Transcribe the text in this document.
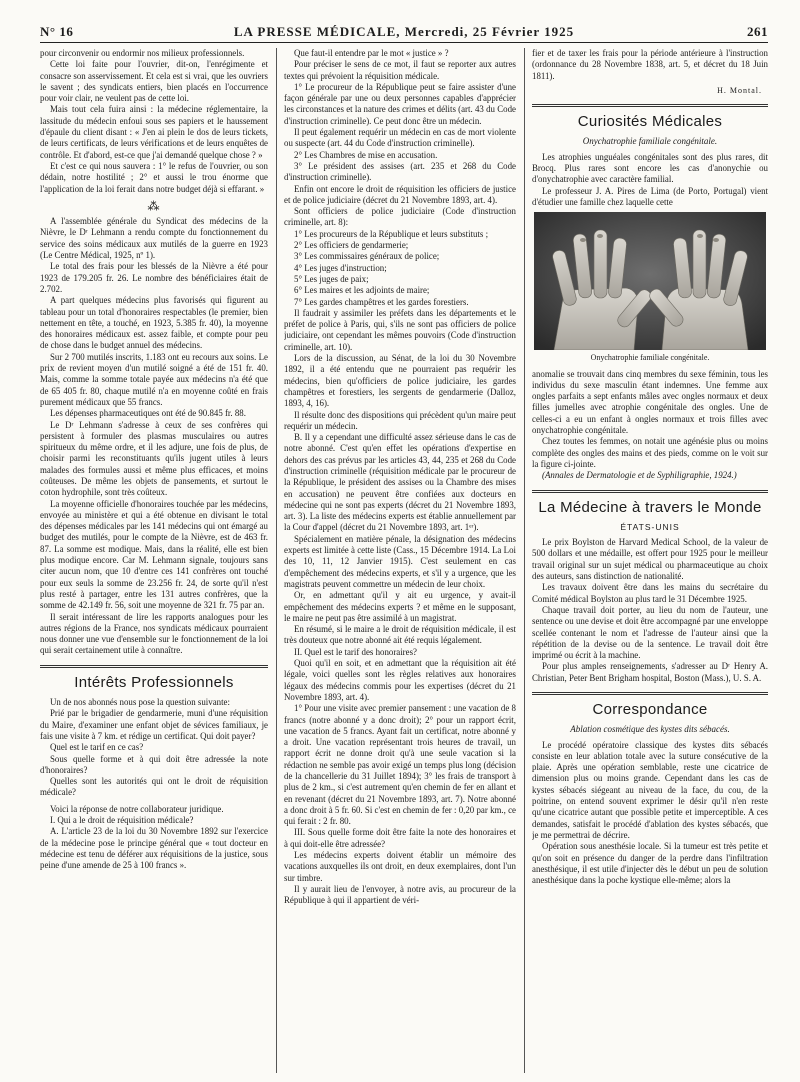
N° 16	LA PRESSE MÉDICALE, Mercredi, 25 Février 1925	261

pour circonvenir ou endormir nos milieux professionnels.

Cette loi faite pour l'ouvrier, dit-on, l'enrégimente et consacre son asservissement. Et cela est si vrai, que les ouvriers le savent ; des syndicats entiers, bien placés en l'occurrence pour voir clair, ne veulent pas de cette loi.

Mais tout cela fuira ainsi : la médecine réglementaire, la lassitude du médecin enfoui sous ses papiers et le haussement d'épaule du client disant : « J'en ai plein le dos de leurs tickets, de leurs certificats, de leurs vérifications et de leurs enquêtes de contrôle. Et d'abord, est-ce que j'ai demandé quelque chose ? »

Et c'est ce qui nous sauvera : 1° le refus de l'ouvrier, ou son dédain, notre hostilité ; 2° et aussi le trou énorme que l'application de la loi ferait dans notre budget déjà si effarant. »

⁂

A l'assemblée générale du Syndicat des médecins de la Nièvre, le Dʳ Lehmann a rendu compte du fonctionnement du service des soins médicaux aux mutilés de la guerre en 1923 (Le Centre Médical, 1925, nº 1).

Le total des frais pour les blessés de la Nièvre a été pour 1923 de 179.205 fr. 26. Le nombre des bénéficiaires était de 2.702.

A part quelques médecins plus favorisés qui figurent au tableau pour un total d'honoraires respectables (le premier, bien nettement en tête, a touché, en 1923, 5.385 fr. 40), la moyenne des honoraires médicaux est. assez faible, et compte pour peu de chose dans le budget annuel des médecins.

Sur 2 700 mutilés inscrits, 1.183 ont eu recours aux soins. Le prix de revient moyen d'un mutilé soigné a été de 151 fr. 40. Mais, comme la somme totale payée aux médecins n'a été que de 65 405 fr. 80, chaque mutilé n'a en moyenne coûté en frais purement médicaux que 55 francs.

Les dépenses pharmaceutiques ont été de 90.845 fr. 88.

Le Dʳ Lehmann s'adresse à ceux de ses confrères qui persistent à formuler des plasmas musculaires ou autres spiritueux du même ordre, et il les adjure, une fois de plus, de choisir parmi les reconstituants qu'ils jugent utiles à leurs malades des formules aussi et même plus efficaces, et moins coûteuses. De même les objets de pansements, et surtout le coton hydrophile, sont très coûteux.

La moyenne officielle d'honoraires touchée par les médecins, envoyée au ministère et qui a été obtenue en divisant le total des dépenses médicales par les 141 médecins qui ont émargé au budget des mutilés, pour le compte de la Nièvre, est de 463 fr. 87. La somme est modique. Mais, dans la réalité, elle est bien plus modique encore. Car M. Lehmann signale, toujours sans citer aucun nom, que 10 d'entre ces 141 confrères ont touché pour eux seuls la somme de 23.256 fr. 24, de sorte qu'il n'est plus resté à partager, entre les 131 autres confrères, que la somme de 42.149 fr. 56, soit une moyenne de 321 fr. 75 par an.

Il serait intéressant de lire les rapports analogues pour les autres régions de la France, nos syndicats médicaux pourraient nous donner une vue d'ensemble sur le fonctionnement de la loi qui serait certainement utile à connaître.

Intérêts Professionnels

Un de nos abonnés nous pose la question suivante:

Prié par le brigadier de gendarmerie, muni d'une réquisition du Maire, d'examiner une enfant objet de sévices familiaux, je fais une visite à 7 km. et rédige un certificat. Qui doit payer?

Quel est le tarif en ce cas?

Sous quelle forme et à qui doit être adressée la note d'honoraires?

Quelles sont les autorités qui ont le droit de réquisition médicale?

Voici la réponse de notre collaborateur juridique.

I. Qui a le droit de réquisition médicale?

A. L'article 23 de la loi du 30 Novembre 1892 sur l'exercice de la médecine pose le principe général que « tout docteur en médecine est tenu de déférer aux réquisitions de la justice, sous peine d'une amende de 25 à 100 francs ».

Que faut-il entendre par le mot « justice » ?

Pour préciser le sens de ce mot, il faut se reporter aux autres textes qui prévoient la réquisition médicale.

1° Le procureur de la République peut se faire assister d'une façon générale par une ou deux personnes capables d'apprécier les circonstances et la nature des crimes et délits (art. 43 du Code d'instruction criminelle). Ce peut donc être un médecin.

Il peut également requérir un médecin en cas de mort violente ou suspecte (art. 44 du Code d'instruction criminelle).

2° Les Chambres de mise en accusation.

3° Le président des assises (art. 235 et 268 du Code d'instruction criminelle).

Enfin ont encore le droit de réquisition les officiers de justice et de police judiciaire (décret du 21 Novembre 1893, art. 4).

Sont officiers de police judiciaire (Code d'instruction criminelle, art. 8):

1° Les procureurs de la République et leurs substituts ;

2° Les officiers de gendarmerie;

3° Les commissaires généraux de police;

4° Les juges d'instruction;

5° Les juges de paix;

6° Les maires et les adjoints de maire;

7° Les gardes champêtres et les gardes forestiers.

Il faudrait y assimiler les préfets dans les départements et le préfet de police à Paris, qui, s'ils ne sont pas officiers de police judiciaire, ont cependant les mêmes pouvoirs (Code d'instruction criminelle, art. 10).

Lors de la discussion, au Sénat, de la loi du 30 Novembre 1892, il a été entendu que ne pourraient pas requérir les médecins, bien qu'officiers de police judiciaire, les gardes champêtres et forestiers, les sergents de gendarmerie (Dalloz, 1893, 4, 16).

Il résulte donc des dispositions qui précèdent qu'un maire peut requérir un médecin.

B. Il y a cependant une difficulté assez sérieuse dans le cas de notre abonné. C'est qu'en effet les opérations d'expertise en dehors des cas prévus par les articles 43, 44, 235 et 268 du Code d'instruction criminelle (réquisition médicale par le procureur de la République, le président des assises ou la Chambre des mises en accusation) ne peuvent être confiées aux docteurs en médecine qui ne sont pas experts (décret du 21 Novembre 1893, art. 3). La liste des médecins experts est établie annuellement par la Cour d'appel (décret du 21 Novembre 1893, art. 1ᵉʳ).

Spécialement en matière pénale, la désignation des médecins experts est limitée à cette liste (Cass., 15 Décembre 1914. La Loi des 10, 11, 12 Janvier 1915). C'est seulement en cas d'empêchement des médecins experts, et s'il y a urgence, que les magistrats peuvent commettre un médecin de leur choix.

Or, en admettant qu'il y ait eu urgence, y avait-il empêchement des médecins experts ? et même en le supposant, le maire ne peut pas être assimilé à un magistrat.

En résumé, si le maire a le droit de réquisition médicale, il est très douteux que notre abonné ait été requis légalement.

II. Quel est le tarif des honoraires?

Quoi qu'il en soit, et en admettant que la réquisition ait été légale, voici quelles sont les règles relatives aux honoraires légaux des médecins commis pour les expertises (décret du 21 Novembre 1893, art. 4).

1° Pour une visite avec premier pansement : une vacation de 8 francs (notre abonné y a donc droit); 2° pour un rapport écrit, une vacation de 5 francs. Ayant fait un certificat, notre abonné y a droit. Une vacation représentant trois heures de travail, un rapport écrit ne donne droit qu'à une seule vacation si la rédaction ne semble pas avoir exigé un temps plus long (décision de la chancellerie du 31 Juillet 1894); 3° les frais de transport à plus de 2 km., si c'est autrement qu'en chemin de fer en allant et en revenant (décret du 21 Novembre 1893, art. 7). Notre abonné a donc droit à 5 fr. 60. Si c'est en chemin de fer : 0,20 par km., ce qui ferait : 2 fr. 80.

III. Sous quelle forme doit être faite la note des honoraires et à qui doit-elle être adressée?

Les médecins experts doivent établir un mémoire des vacations auxquelles ils ont droit, en deux exemplaires, dont l'un sur timbre.

Il y aurait lieu de l'envoyer, à notre avis, au procureur de la République à qui il appartient de véri-

fier et de taxer les frais pour la période antérieure à l'instruction (ordonnance du 28 Novembre 1838, art. 5, et décret du 18 Juin 1811).

H. Montal.
Curiosités Médicales
Onychatrophie familiale congénitale.

Les atrophies unguéales congénitales sont des plus rares, dit Brocq. Plus rares sont encore les cas d'anonychie ou d'onychatrophie avec caractère familial.

Le professeur J. A. Pires de Lima (de Porto, Portugal) vient d'étudier une famille chez laquelle cette

Onychatrophie familiale congénitale.

anomalie se trouvait dans cinq membres du sexe féminin, tous les individus du sexe masculin étant indemnes. Une femme aux ongles parfaits a sept enfants mâles avec ongles normaux et deux filles jumelles avec atrophie congénitale des ongles. Une de celles-ci a eu un enfant à ongles normaux et trois filles avec onychatrophie congénitale.

Chez toutes les femmes, on notait une agénésie plus ou moins complète des ongles des mains et des pieds, comme on le voit sur la figure ci-jointe.

(Annales de Dermatologie et de Syphiligraphie, 1924.)

La Médecine à travers le Monde
ÉTATS-UNIS

Le prix Boylston de Harvard Medical School, de la valeur de 500 dollars et une médaille, est offert pour 1925 pour le meilleur travail original sur un sujet médical ou pharmaceutique au choix des auteurs, sans distinction de nationalité.

Les travaux doivent être dans les mains du secrétaire du Comité médical Boylston au plus tard le 31 Décembre 1925.

Chaque travail doit porter, au lieu du nom de l'auteur, une sentence ou une devise et doit être accompagné par une enveloppe scellée contenant le nom et l'adresse de l'auteur ainsi que la répétition de la devise ou de la sentence. Le travail doit être imprimé ou écrit à la machine.

Pour plus amples renseignements, s'adresser au Dʳ Henry A. Christian, Peter Bent Brigham hospital, Boston (Mass.), U. S. A.

Correspondance
Ablation cosmétique des kystes dits sébacés.

Le procédé opératoire classique des kystes dits sébacés consiste en leur ablation totale avec la suture consécutive de la plaie. Après une opération semblable, reste une cicatrice de dimension plus ou moins grande. Cependant dans les cas de kystes sébacés siégeant au niveau de la face, du cou, de la poitrine, on entend souvent exprimer le désir qu'il n'en reste qu'une cicatrice autant que possible petite et imperceptible. A ces demandes, satisfait le procédé d'ablation des kystes sébacés, que je me permettrai de décrire.

Opération sous anesthésie locale. Si la tumeur est très petite et qu'on soit en présence du danger de la perdre dans l'infiltration anesthésique, il est utile d'injecter dès le début un peu de solution anesthésique dans la poche kystique elle-même; alors la
